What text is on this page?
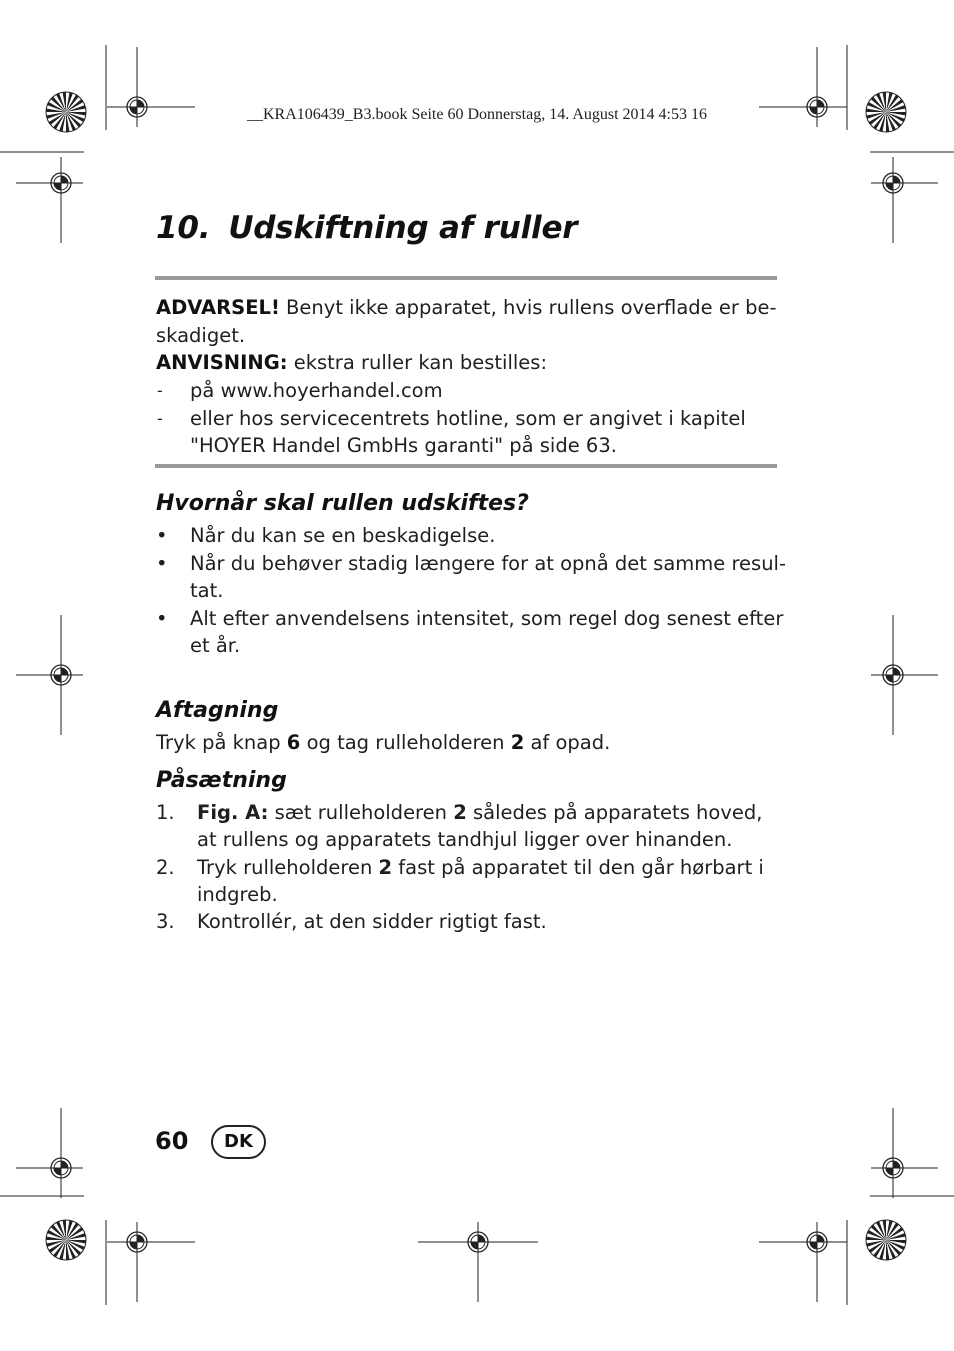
__KRA106439_B3.book Seite 60 Donnerstag, 14. August 2014 4:53 16
10. Udskiftning af ruller
ADVARSEL! Benyt ikke apparatet, hvis rullens overflade er be-
skadiget.
ANVISNING: ekstra ruller kan bestilles:
- på www.hoyerhandel.com
- eller hos servicecentrets hotline, som er angivet i kapitel
"HOYER Handel GmbHs garanti" på side 63.
Hvornår skal rullen udskiftes?
• Når du kan se en beskadigelse.
• Når du behøver stadig længere for at opnå det samme resul-
tat.
• Alt efter anvendelsens intensitet, som regel dog senest efter
et år.
Aftagning
Tryk på knap 6 og tag rulleholderen 2 af opad.
Påsætning
1. Fig. A: sæt rulleholderen 2 således på apparatets hoved,
at rullens og apparatets tandhjul ligger over hinanden.
2. Tryk rulleholderen 2 fast på apparatet til den går hørbart i
indgreb.
3. Kontrollér, at den sidder rigtigt fast.
60	DK
